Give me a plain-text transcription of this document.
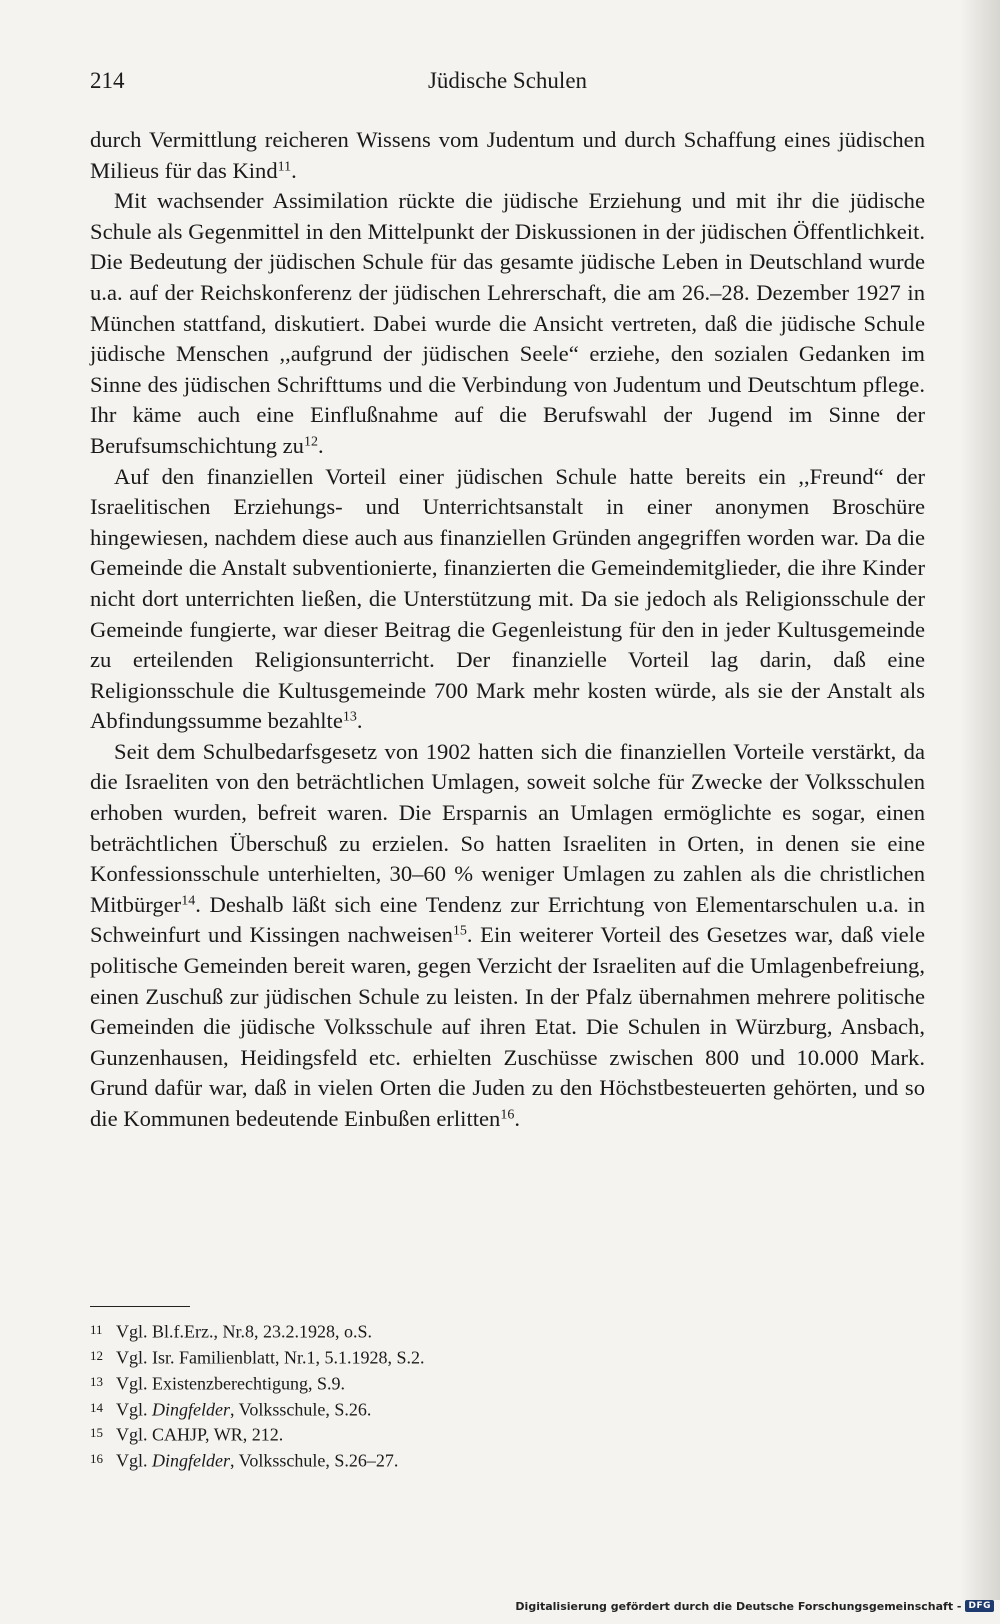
214	Jüdische Schulen

durch Vermittlung reicheren Wissens vom Judentum und durch Schaffung eines jüdischen Milieus für das Kind$^{11}$.

Mit wachsender Assimilation rückte die jüdische Erziehung und mit ihr die jüdische Schule als Gegenmittel in den Mittelpunkt der Diskussionen in der jüdischen Öffentlichkeit. Die Bedeutung der jüdischen Schule für das gesamte jüdische Leben in Deutschland wurde u.a. auf der Reichskonferenz der jüdischen Lehrerschaft, die am 26.–28. Dezember 1927 in München stattfand, diskutiert. Dabei wurde die Ansicht vertreten, daß die jüdische Schule jüdische Menschen ,,aufgrund der jüdischen Seele“ erziehe, den sozialen Gedanken im Sinne des jüdischen Schrifttums und die Verbindung von Judentum und Deutschtum pflege. Ihr käme auch eine Einflußnahme auf die Berufswahl der Jugend im Sinne der Berufsumschichtung $zu^{12}$.

Auf den finanziellen Vorteil einer jüdischen Schule hatte bereits ein ,,Freund“ der Israelitischen Erziehungs- und Unterrichtsanstalt in einer anonymen Broschüre hingewiesen, nachdem diese auch aus finanziellen Gründen angegriffen worden war. Da die Gemeinde die Anstalt subventionierte, finanzierten die Gemeindemitglieder, die ihre Kinder nicht dort unterrichten ließen, die Unterstützung mit. Da sie jedoch als Religionsschule der Gemeinde fungierte, war dieser Beitrag die Gegenleistung für den in jeder Kultusgemeinde zu erteilenden Religionsunterricht. Der finanzielle Vorteil lag darin, daß eine Religionsschule die Kultusgemeinde 700 Mark mehr kosten würde, als sie der Anstalt als Abfindungssumme bezahlte$^{13}$.

Seit dem Schulbedarfsgesetz von 1902 hatten sich die finanziellen Vorteile verstärkt, da die Israeliten von den beträchtlichen Umlagen, soweit solche für Zwecke der Volksschulen erhoben wurden, befreit waren. Die Ersparnis an Umlagen ermöglichte es sogar, einen beträchtlichen Überschuß zu erzielen. So hatten Israeliten in Orten, in denen sie eine Konfessionsschule unterhielten, 30–60 % weniger Umlagen zu zahlen als die christlichen Mitbürger$^{14}$. Deshalb läßt sich eine Tendenz zur Errichtung von Elementarschulen u.a. in Schweinfurt und Kissingen nachweisen$^{15}$. Ein weiterer Vorteil des Gesetzes war, daß viele politische Gemeinden bereit waren, gegen Verzicht der Israeliten auf die Umlagenbefreiung, einen Zuschuß zur jüdischen Schule zu leisten. In der Pfalz übernahmen mehrere politische Gemeinden die jüdische Volksschule auf ihren Etat. Die Schulen in Würzburg, Ansbach, Gunzenhausen, Heidingsfeld etc. erhielten Zuschüsse zwischen 800 und 10.000 Mark. Grund dafür war, daß in vielen Orten die Juden zu den Höchstbesteuerten gehörten, und so die Kommunen bedeutende Einbußen erlitten$^{16}$.

11 Vgl. Bl.f.Erz., Nr.8, 23.2.1928, o.S.
12 Vgl. Isr. Familienblatt, Nr.1, 5.1.1928, S.2.
13 Vgl. Existenzberechtigung, S.9.
14 Vgl. Dingfelder, Volksschule, S.26.
15 Vgl. CAHJP, WR, 212.
16 Vgl. Dingfelder, Volksschule, S.26–27.
Digitalisierung gefördert durch die Deutsche Forschungsgemeinschaft - DFG
